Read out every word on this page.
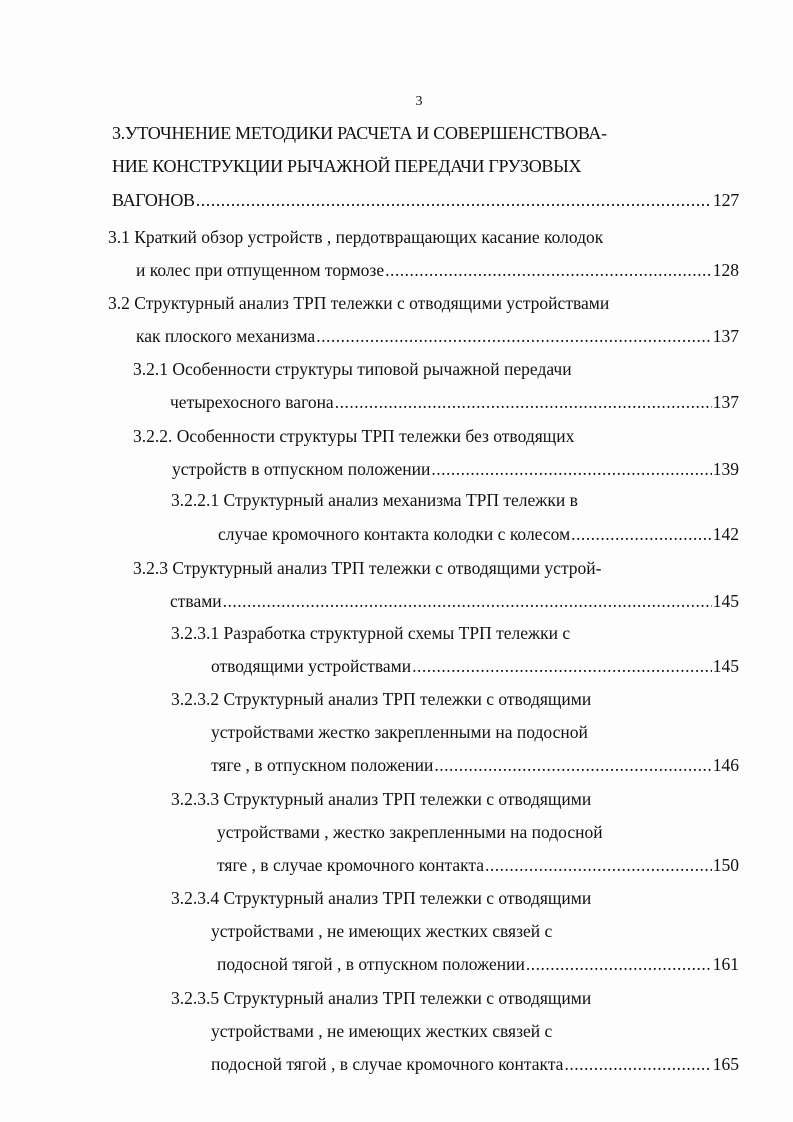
3
3.УТОЧНЕНИЕ МЕТОДИКИ РАСЧЕТА И СОВЕРШЕНСТВОВА-
НИЕ КОНСТРУКЦИИ РЫЧАЖНОЙ ПЕРЕДАЧИ ГРУЗОВЫХ
ВАГОНОВ .....	127
3.1 Краткий обзор устройств , пердотвращающих касание колодок
и колес при отпущенном тормозе .....	128
3.2 Структурный анализ ТРП тележки с отводящими устройствами
как плоского механизма .....	137
3.2.1 Особенности структуры типовой рычажной передачи
четырехосного вагона .....	137
3.2.2. Особенности структуры ТРП тележки без отводящих
устройств в отпускном положении .....	139
3.2.2.1 Структурный анализ механизма ТРП тележки в
случае кромочного контакта колодки с колесом .....	142
3.2.3 Структурный анализ ТРП тележки с отводящими устрой-
ствами .....	145
3.2.3.1 Разработка структурной схемы ТРП тележки с
отводящими устройствами .....	145
3.2.3.2 Структурный анализ ТРП тележки с отводящими
устройствами жестко закрепленными на подосной
тяге , в отпускном положении .....	146
3.2.3.3 Структурный анализ ТРП тележки с отводящими
устройствами , жестко закрепленными на подосной
тяге , в случае кромочного контакта .....	150
3.2.3.4 Структурный анализ ТРП тележки с отводящими
устройствами , не имеющих жестких связей с
подосной тягой , в отпускном положении .....	161
3.2.3.5 Структурный анализ ТРП тележки с отводящими
устройствами , не имеющих жестких связей с
подосной тягой , в случае кромочного контакта .....	165
